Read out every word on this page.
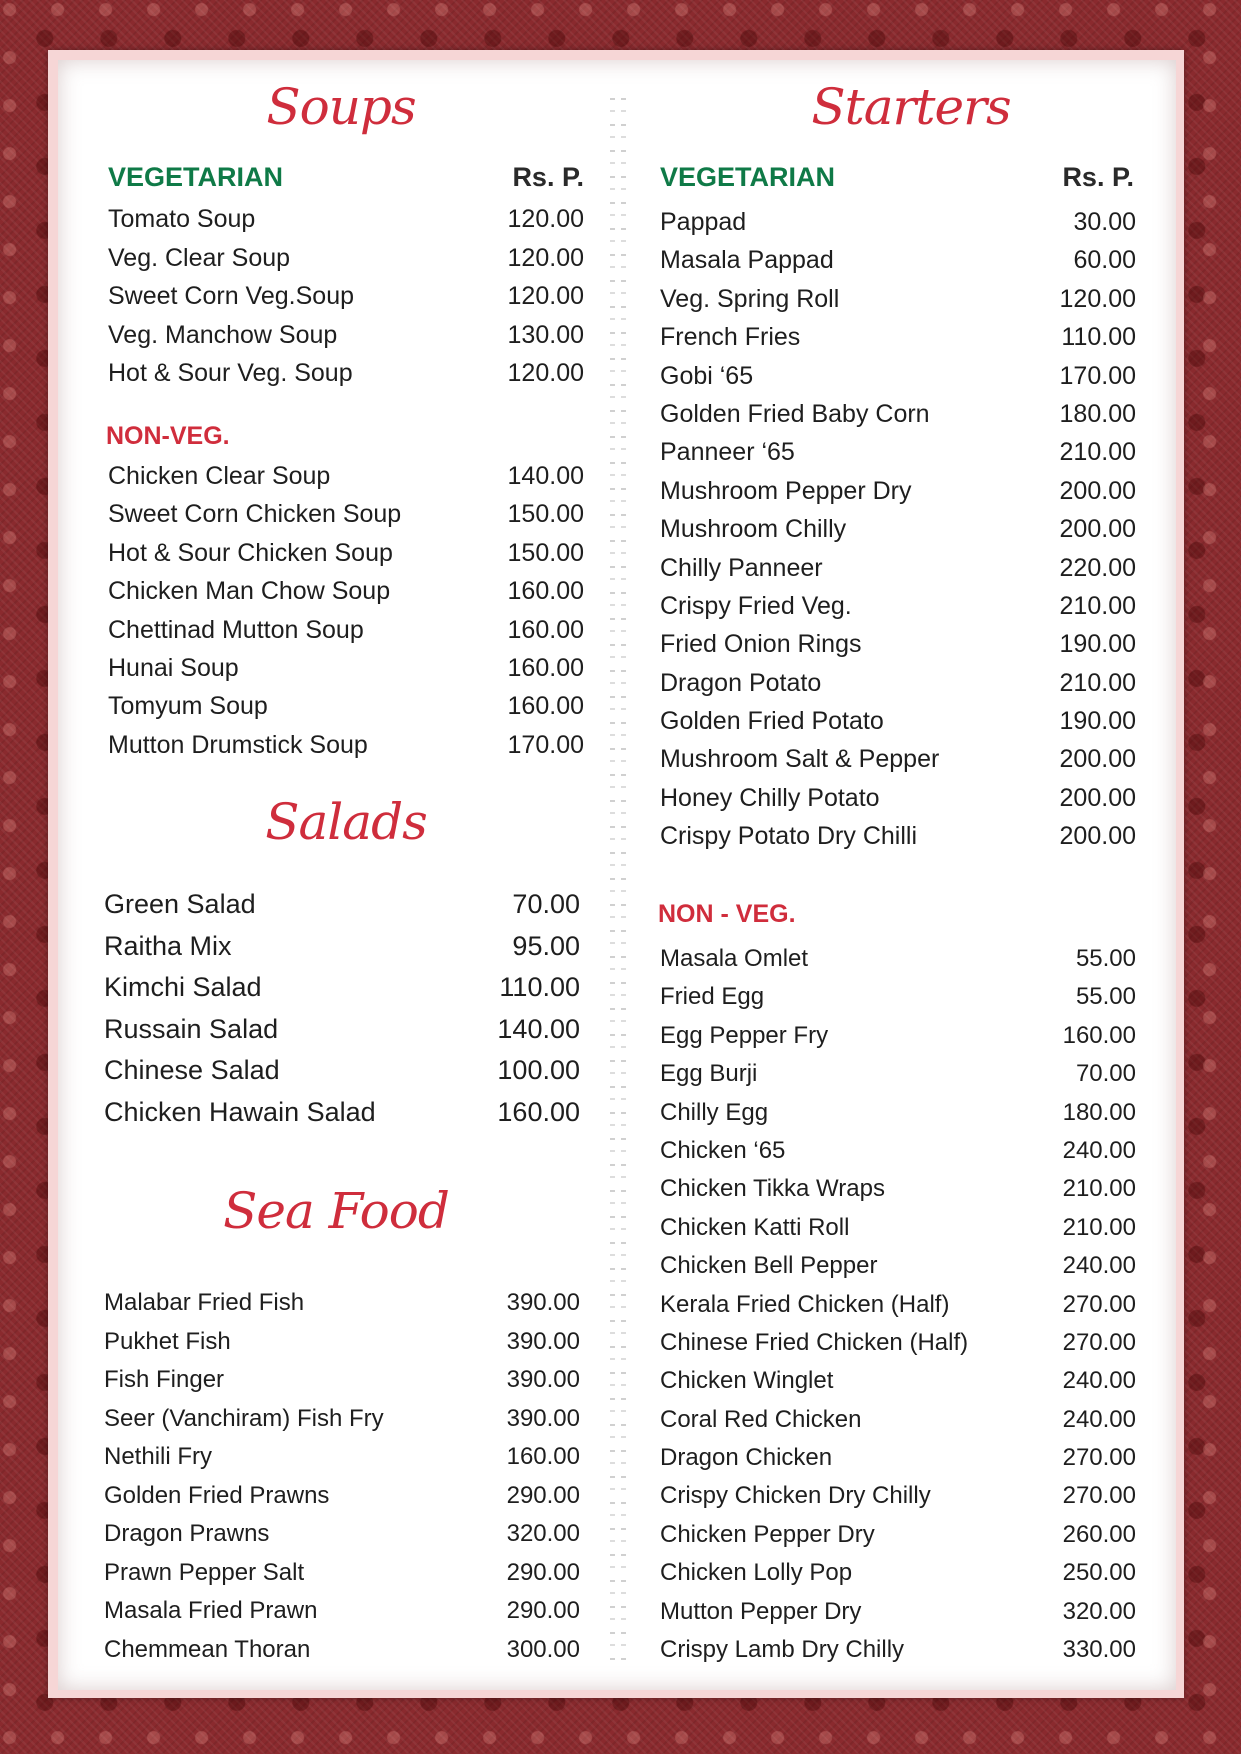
Soups
VEGETARIAN	Rs. P.
Tomato Soup	120.00
Veg. Clear Soup	120.00
Sweet Corn Veg.Soup	120.00
Veg. Manchow Soup	130.00
Hot & Sour Veg. Soup	120.00
NON-VEG.
Chicken Clear Soup	140.00
Sweet Corn Chicken Soup	150.00
Hot & Sour Chicken Soup	150.00
Chicken Man Chow Soup	160.00
Chettinad Mutton Soup	160.00
Hunai Soup	160.00
Tomyum Soup	160.00
Mutton Drumstick Soup	170.00
Salads
Green Salad	70.00
Raitha Mix	95.00
Kimchi Salad	110.00
Russain Salad	140.00
Chinese Salad	100.00
Chicken Hawain Salad	160.00
Sea Food
Malabar Fried Fish	390.00
Pukhet Fish	390.00
Fish Finger	390.00
Seer (Vanchiram) Fish Fry	390.00
Nethili Fry	160.00
Golden Fried Prawns	290.00
Dragon Prawns	320.00
Prawn Pepper Salt	290.00
Masala Fried Prawn	290.00
Chemmean Thoran	300.00
Starters
VEGETARIAN	Rs. P.
Pappad	30.00
Masala Pappad	60.00
Veg. Spring Roll	120.00
French Fries	110.00
Gobi ‘65	170.00
Golden Fried Baby Corn	180.00
Panneer ‘65	210.00
Mushroom Pepper Dry	200.00
Mushroom Chilly	200.00
Chilly Panneer	220.00
Crispy Fried Veg.	210.00
Fried Onion Rings	190.00
Dragon Potato	210.00
Golden Fried Potato	190.00
Mushroom Salt & Pepper	200.00
Honey Chilly Potato	200.00
Crispy Potato Dry Chilli	200.00
NON - VEG.
Masala Omlet	55.00
Fried Egg	55.00
Egg Pepper Fry	160.00
Egg Burji	70.00
Chilly Egg	180.00
Chicken ‘65	240.00
Chicken Tikka Wraps	210.00
Chicken Katti Roll	210.00
Chicken Bell Pepper	240.00
Kerala Fried Chicken (Half)	270.00
Chinese Fried Chicken (Half)	270.00
Chicken Winglet	240.00
Coral Red Chicken	240.00
Dragon Chicken	270.00
Crispy Chicken Dry Chilly	270.00
Chicken Pepper Dry	260.00
Chicken Lolly Pop	250.00
Mutton Pepper Dry	320.00
Crispy Lamb Dry Chilly	330.00
